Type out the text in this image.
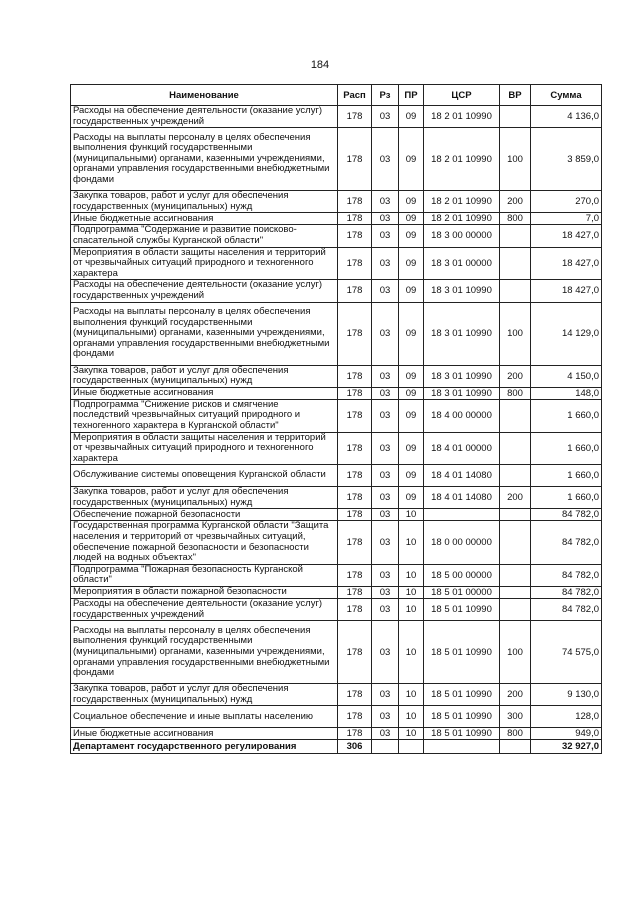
184
Наименование	Расп	Рз	ПР	ЦСР	ВР	Сумма
Расходы на обеспечение деятельности (оказание услуг) государственных учреждений	178	03	09	18 2 01 10990		4 136,0
Расходы на выплаты персоналу в целях обеспечения выполнения функций государственными (муниципальными) органами, казенными учреждениями, органами управления государственными внебюджетными фондами	178	03	09	18 2 01 10990	100	3 859,0
Закупка товаров, работ и услуг для обеспечения государственных (муниципальных) нужд	178	03	09	18 2 01 10990	200	270,0
Иные бюджетные ассигнования	178	03	09	18 2 01 10990	800	7,0
Подпрограмма "Содержание и развитие поисково-спасательной службы Курганской области"	178	03	09	18 3 00 00000		18 427,0
Мероприятия в области защиты населения и территорий от чрезвычайных ситуаций природного и техногенного характера	178	03	09	18 3 01 00000		18 427,0
Расходы на обеспечение деятельности (оказание услуг) государственных учреждений	178	03	09	18 3 01 10990		18 427,0
Расходы на выплаты персоналу в целях обеспечения выполнения функций государственными (муниципальными) органами, казенными учреждениями, органами управления государственными внебюджетными фондами	178	03	09	18 3 01 10990	100	14 129,0
Закупка товаров, работ и услуг для обеспечения государственных (муниципальных) нужд	178	03	09	18 3 01 10990	200	4 150,0
Иные бюджетные ассигнования	178	03	09	18 3 01 10990	800	148,0
Подпрограмма "Снижение рисков и смягчение последствий чрезвычайных ситуаций природного и техногенного характера в Курганской области"	178	03	09	18 4 00 00000		1 660,0
Мероприятия в области защиты населения и территорий от чрезвычайных ситуаций природного и техногенного характера	178	03	09	18 4 01 00000		1 660,0
Обслуживание системы оповещения Курганской области	178	03	09	18 4 01 14080		1 660,0
Закупка товаров, работ и услуг для обеспечения государственных (муниципальных) нужд	178	03	09	18 4 01 14080	200	1 660,0
Обеспечение пожарной безопасности	178	03	10			84 782,0
Государственная программа Курганской области "Защита населения и территорий от чрезвычайных ситуаций, обеспечение пожарной безопасности и безопасности людей на водных объектах"	178	03	10	18 0 00 00000		84 782,0
Подпрограмма "Пожарная безопасность Курганской области"	178	03	10	18 5 00 00000		84 782,0
Мероприятия в области пожарной безопасности	178	03	10	18 5 01 00000		84 782,0
Расходы на обеспечение деятельности (оказание услуг) государственных учреждений	178	03	10	18 5 01 10990		84 782,0
Расходы на выплаты персоналу в целях обеспечения выполнения функций государственными (муниципальными) органами, казенными учреждениями, органами управления государственными внебюджетными фондами	178	03	10	18 5 01 10990	100	74 575,0
Закупка товаров, работ и услуг для обеспечения государственных (муниципальных) нужд	178	03	10	18 5 01 10990	200	9 130,0
Социальное обеспечение и иные выплаты населению	178	03	10	18 5 01 10990	300	128,0
Иные бюджетные ассигнования	178	03	10	18 5 01 10990	800	949,0
Департамент государственного регулирования	306					32 927,0
